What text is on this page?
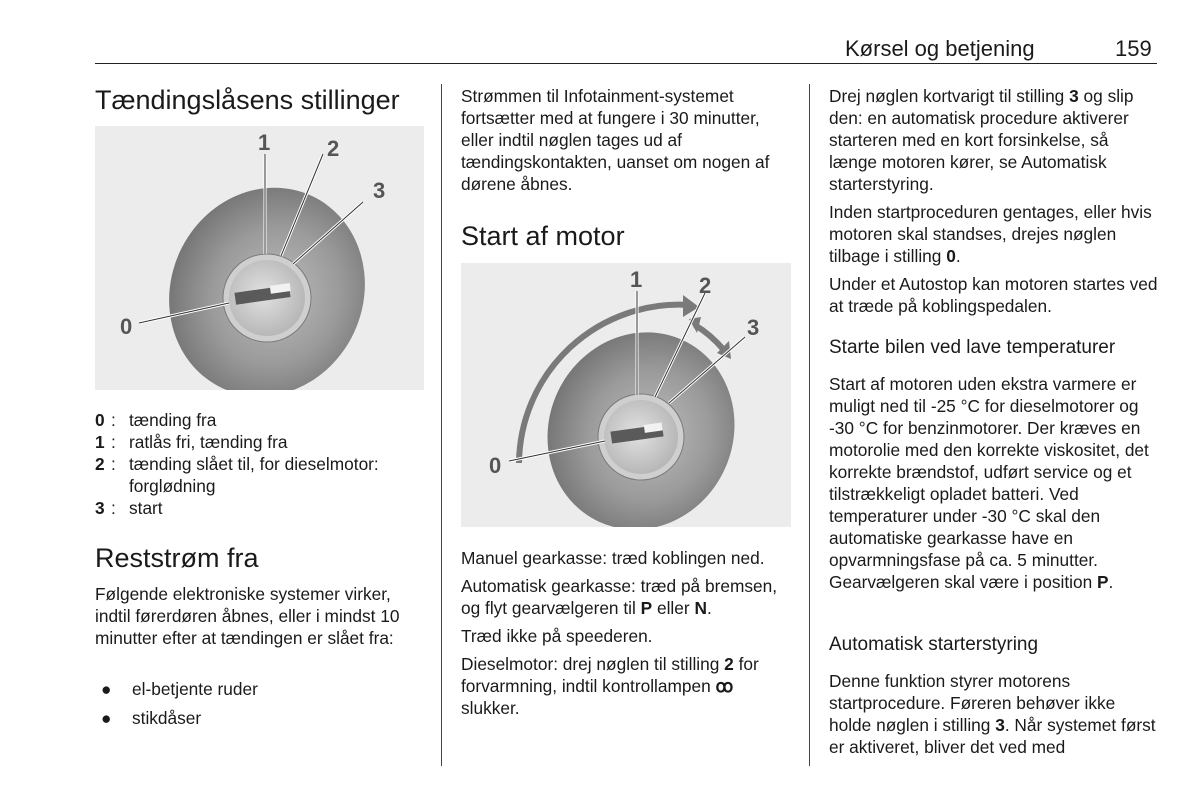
Kørsel og betjening	159
Tændingslåsens stillinger
0
1	2
3
0 : tænding fra
1 : ratlås fri, tænding fra
2 : tænding slået til, for dieselmotor: forglødning
3 : start
Reststrøm fra
Følgende elektroniske systemer virker, indtil førerdøren åbnes, eller i mindst 10 minutter efter at tændingen er slået fra:
●	el-betjente ruder
●	stikdåser
Strømmen til Infotainment-systemet fortsætter med at fungere i 30 minutter, eller indtil nøglen tages ud af tændingskontakten, uanset om nogen af dørene åbnes.
Start af motor
0
1	2
3

Manuel gearkasse: træd koblingen ned.

Automatisk gearkasse: træd på bremsen, og flyt gearvælgeren til P eller N.

Træd ikke på speederen.

Dieselmotor: drej nøglen til stilling 2 for forvarmning, indtil kontrollampen ꝏ slukker.

Drej nøglen kortvarigt til stilling 3 og slip den: en automatisk procedure aktiverer starteren med en kort forsinkelse, så længe motoren kører, se Automatisk starterstyring.

Inden startproceduren gentages, eller hvis motoren skal standses, drejes nøglen tilbage i stilling 0.

Under et Autostop kan motoren startes ved at træde på koblingspedalen.

Starte bilen ved lave temperaturer
Start af motoren uden ekstra varmere er muligt ned til -25 °C for dieselmotorer og -30 °C for benzinmotorer. Der kræves en motorolie med den korrekte viskositet, det korrekte brændstof, udført service og et tilstrækkeligt opladet batteri. Ved temperaturer under -30 °C skal den automatiske gearkasse have en opvarmningsfase på ca. 5 minutter. Gearvælgeren skal være i position P.
Automatisk starterstyring
Denne funktion styrer motorens startprocedure. Føreren behøver ikke holde nøglen i stilling 3. Når systemet først er aktiveret, bliver det ved med
